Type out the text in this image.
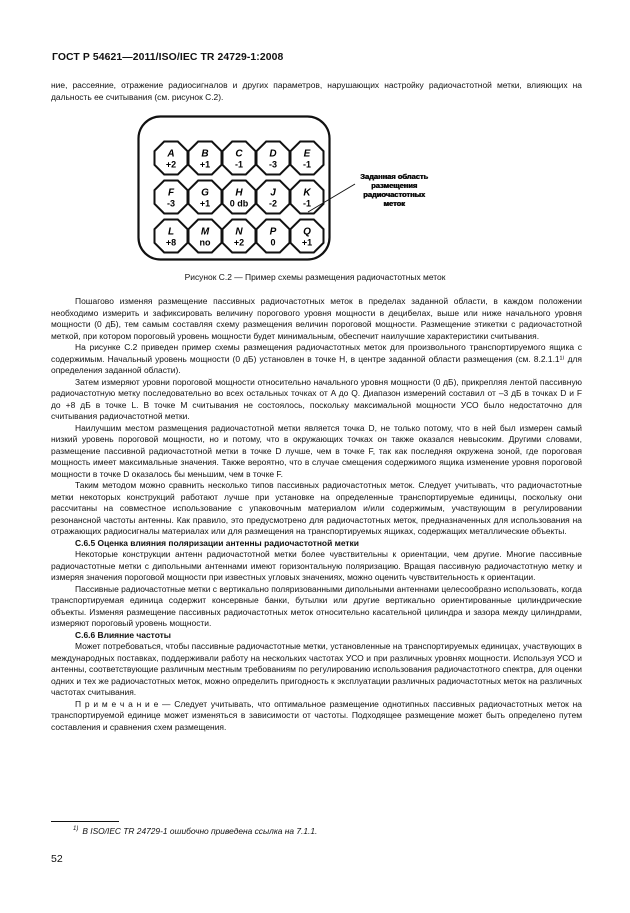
ГОСТ Р 54621—2011/ISO/IEC TR 24729-1:2008

ние, рассеяние, отражение радиосигналов и других параметров, нарушающих настройку радиочастотной метки, влияющих на дальность ее считывания (см. рисунок С.2).

A
+2
B
+1
C
-1
D
-3
E
-1
F
-3
G
+1
H
0 db
J
-2
K
-1
L
+8
M
no
N
+2
P
0
Q
+1
Заданная область
размещения
радиочастотных
меток
Рисунок С.2 — Пример схемы размещения радиочастотных меток

Пошагово изменяя размещение пассивных радиочастотных меток в пределах заданной области, в каждом положении необходимо измерить и зафиксировать величину порогового уровня мощности в децибелах, выше или ниже начального уровня мощности (0 дБ), тем самым составляя схему размещения величин пороговой мощности. Размещение этикетки с радиочастотной меткой, при котором пороговый уровень мощности будет минимальным, обеспечит наилучшие характеристики считывания.

На рисунке С.2 приведен пример схемы размещения радиочастотных меток для произвольного транспортируемого ящика с содержимым. Начальный уровень мощности (0 дБ) установлен в точке H, в центре заданной области размещения (см. 8.2.1.1¹⁾ для определения заданной области).

Затем измеряют уровни пороговой мощности относительно начального уровня мощности (0 дБ), прикрепляя лентой пассивную радиочастотную метку последовательно во всех остальных точках от A до Q. Диапазон измерений составил от –3 дБ в точках D и F до +8 дБ в точке L. В точке M считывания не состоялось, поскольку максимальной мощности УСО было недостаточно для считывания радиочастотной метки.

Наилучшим местом размещения радиочастотной метки является точка D, не только потому, что в ней был измерен самый низкий уровень пороговой мощности, но и потому, что в окружающих точках он также оказался невысоким. Другими словами, размещение пассивной радиочастотной метки в точке D лучше, чем в точке F, так как последняя окружена зоной, где пороговая мощность имеет максимальные значения. Также вероятно, что в случае смещения содержимого ящика изменение уровня пороговой мощности в точке D оказалось бы меньшим, чем в точке F.

Таким методом можно сравнить несколько типов пассивных радиочастотных меток. Следует учитывать, что радиочастотные метки некоторых конструкций работают лучше при установке на определенные транспортируемые единицы, поскольку они рассчитаны на совместное использование с упаковочным материалом и/или содержимым, участвующим в регулировании резонансной частоты антенны. Как правило, это предусмотрено для радиочастотных меток, предназначенных для использования на отражающих радиосигналы материалах или для размещения на транспортируемых ящиках, содержащих металлические объекты.

С.6.5 Оценка влияния поляризации антенны радиочастотной метки

Некоторые конструкции антенн радиочастотной метки более чувствительны к ориентации, чем другие. Многие пассивные радиочастотные метки с дипольными антеннами имеют горизонтальную поляризацию. Вращая пассивную радиочастотную метку и измеряя значения пороговой мощности при известных угловых значениях, можно оценить чувствительность к ориентации.

Пассивные радиочастотные метки с вертикально поляризованными дипольными антеннами целесообразно использовать, когда транспортируемая единица содержит консервные банки, бутылки или другие вертикально ориентированные цилиндрические объекты. Изменяя размещение пассивных радиочастотных меток относительно касательной цилиндра и зазора между цилиндрами, измеряют пороговый уровень мощности.

С.6.6 Влияние частоты

Может потребоваться, чтобы пассивные радиочастотные метки, установленные на транспортируемых единицах, участвующих в международных поставках, поддерживали работу на нескольких частотах УСО и при различных уровнях мощности. Используя УСО и антенны, соответствующие различным местным требованиям по регулированию использования радиочастотного спектра, для оценки одних и тех же радиочастотных меток, можно определить пригодность к эксплуатации различных радиочастотных меток на различных частотах считывания.

П р и м е ч а н и е — Следует учитывать, что оптимальное размещение однотипных пассивных радиочастотных меток на транспортируемой единице может изменяться в зависимости от частоты. Подходящее размещение может быть определено путем составления и сравнения схем размещения.

$^{1)}$ В ISO/IEC TR 24729-1 ошибочно приведена ссылка на 7.1.1.
52
